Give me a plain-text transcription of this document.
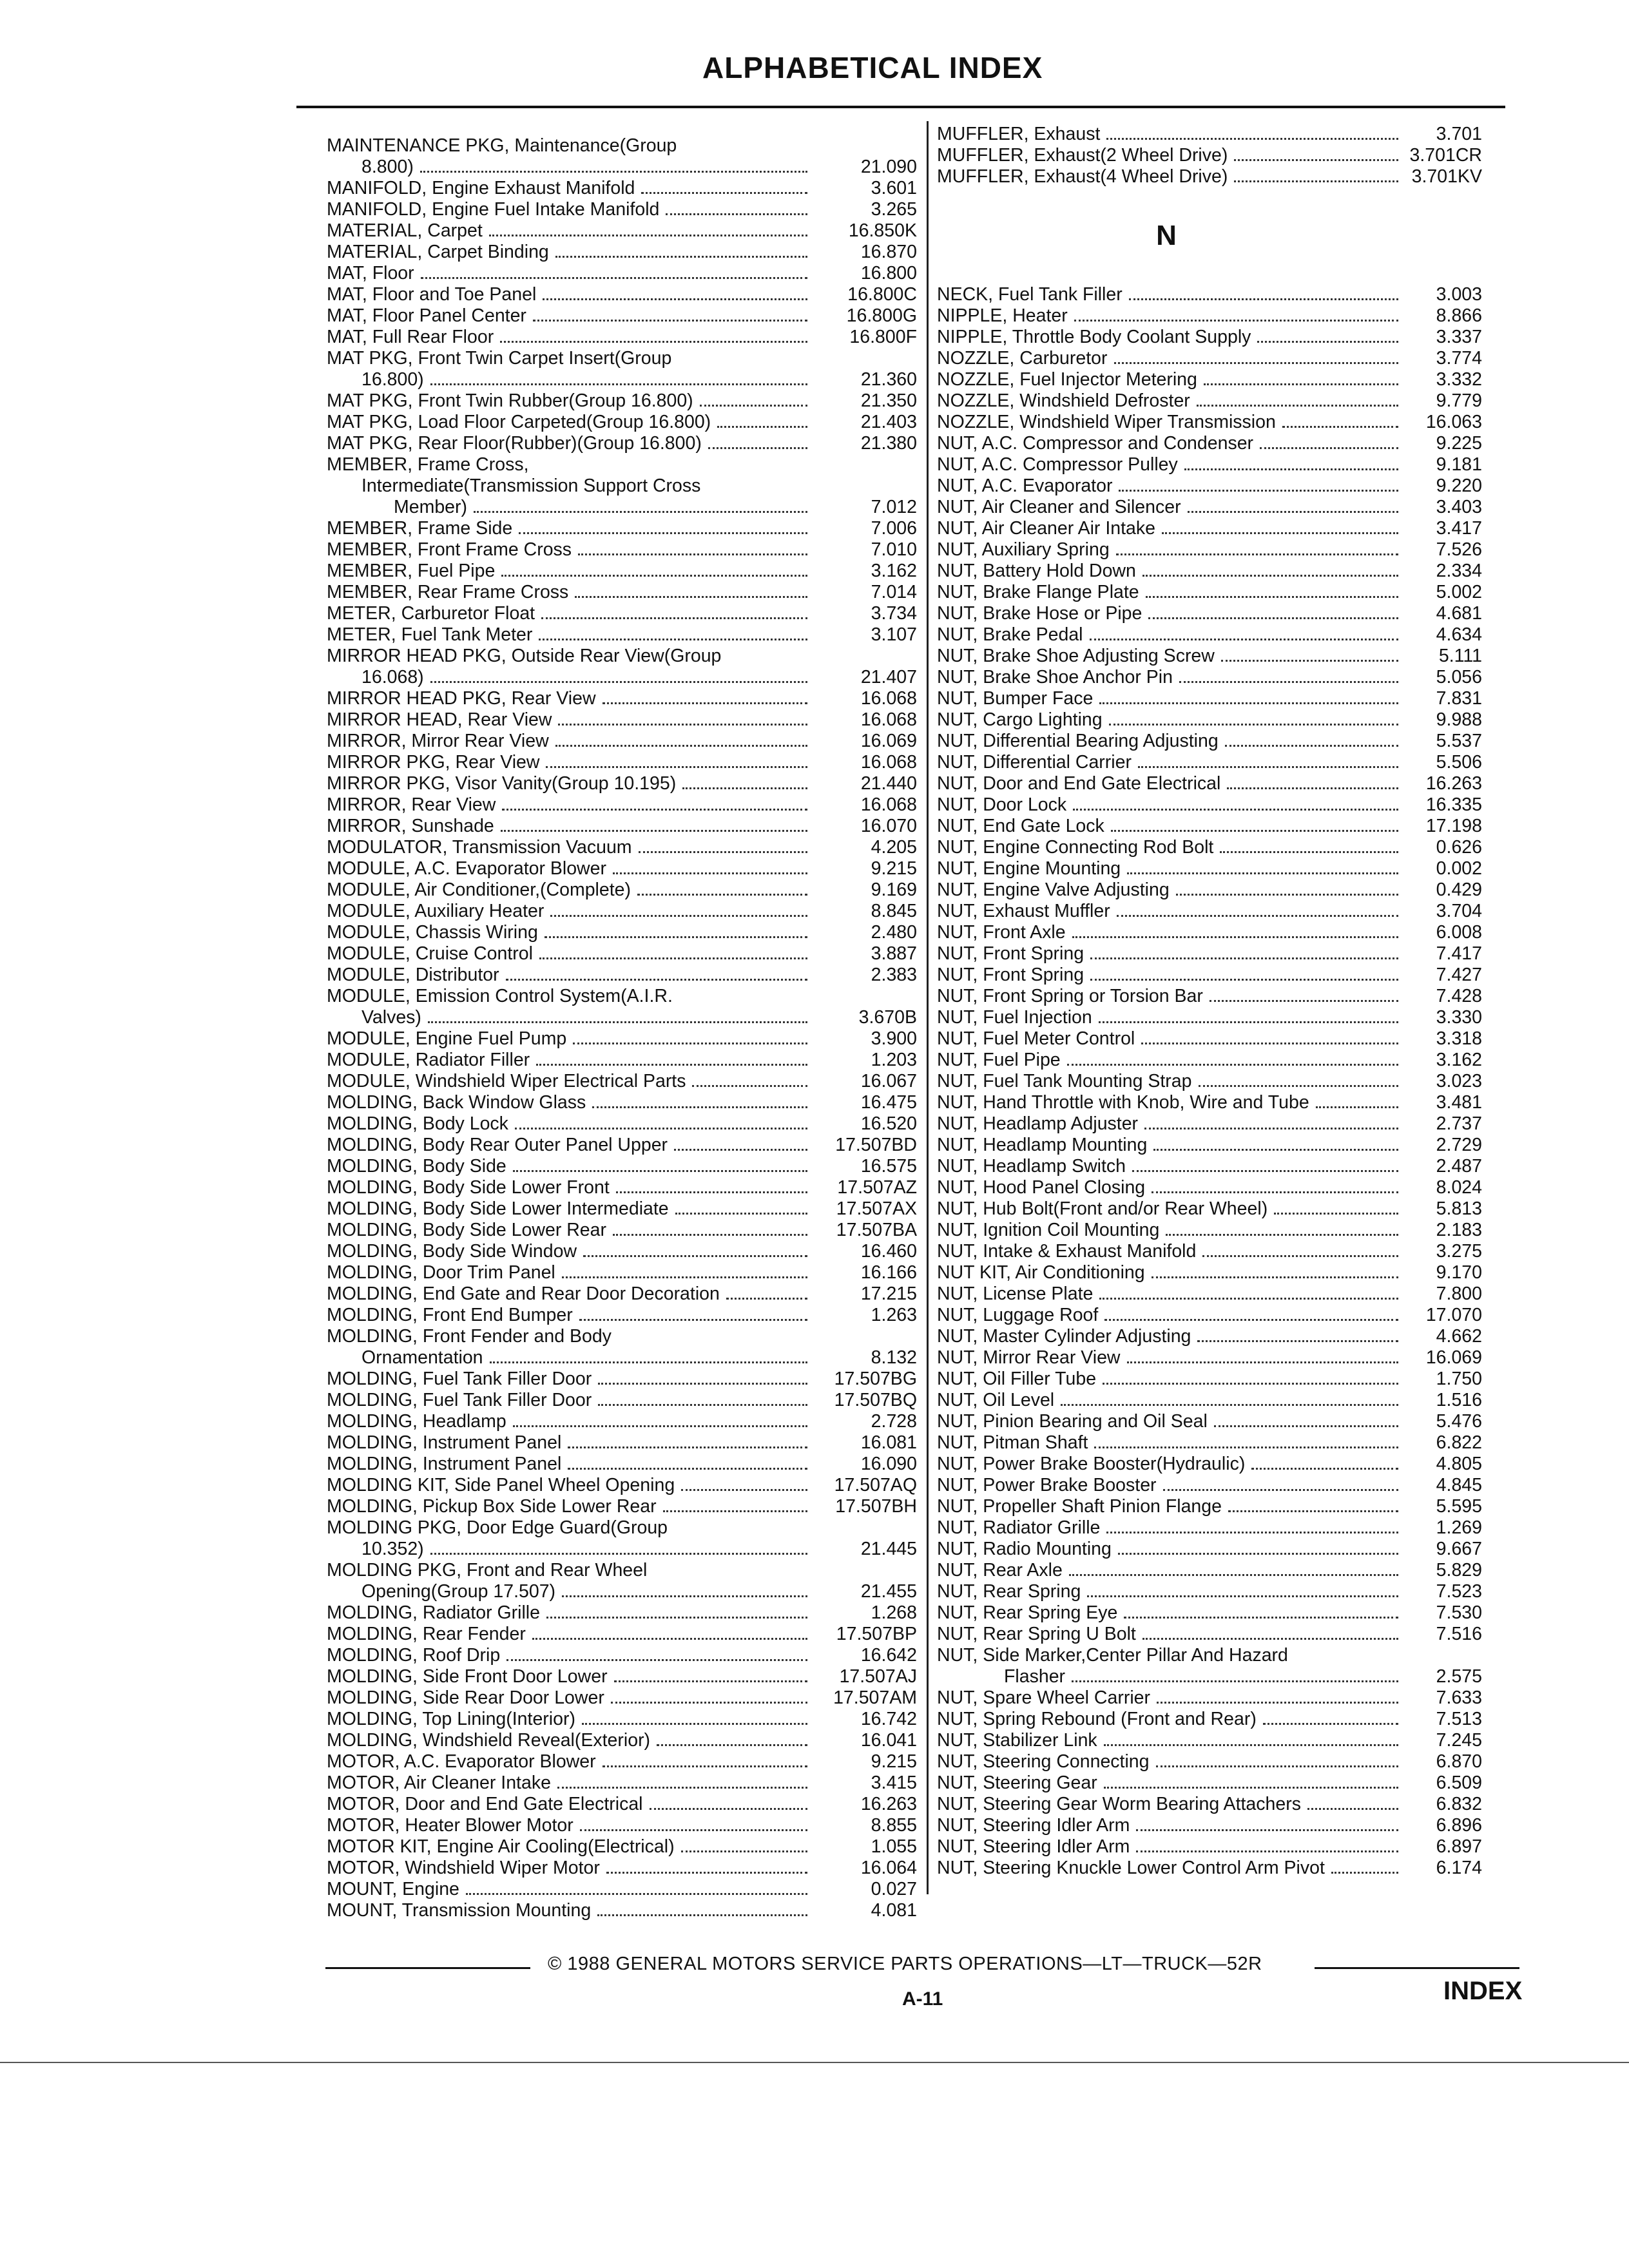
ALPHABETICAL INDEX
MAINTENANCE PKG, Maintenance(Group
8.800)	21.090
MANIFOLD, Engine Exhaust Manifold	3.601
MANIFOLD, Engine Fuel Intake Manifold	3.265
MATERIAL, Carpet	16.850K
MATERIAL, Carpet Binding	16.870
MAT, Floor	16.800
MAT, Floor and Toe Panel	16.800C
MAT, Floor Panel Center	16.800G
MAT, Full Rear Floor	16.800F
MAT PKG, Front Twin Carpet Insert(Group
16.800)	21.360
MAT PKG, Front Twin Rubber(Group 16.800)	21.350
MAT PKG, Load Floor Carpeted(Group 16.800)	21.403
MAT PKG, Rear Floor(Rubber)(Group 16.800)	21.380
MEMBER, Frame Cross,
Intermediate(Transmission Support Cross
Member)	7.012
MEMBER, Frame Side	7.006
MEMBER, Front Frame Cross	7.010
MEMBER, Fuel Pipe	3.162
MEMBER, Rear Frame Cross	7.014
METER, Carburetor Float	3.734
METER, Fuel Tank Meter	3.107
MIRROR HEAD PKG, Outside Rear View(Group
16.068)	21.407
MIRROR HEAD PKG, Rear View	16.068
MIRROR HEAD, Rear View	16.068
MIRROR, Mirror Rear View	16.069
MIRROR PKG, Rear View	16.068
MIRROR PKG, Visor Vanity(Group 10.195)	21.440
MIRROR, Rear View	16.068
MIRROR, Sunshade	16.070
MODULATOR, Transmission Vacuum	4.205
MODULE, A.C. Evaporator Blower	9.215
MODULE, Air Conditioner,(Complete)	9.169
MODULE, Auxiliary Heater	8.845
MODULE, Chassis Wiring	2.480
MODULE, Cruise Control	3.887
MODULE, Distributor	2.383
MODULE, Emission Control System(A.I.R.
Valves)	3.670B
MODULE, Engine Fuel Pump	3.900
MODULE, Radiator Filler	1.203
MODULE, Windshield Wiper Electrical Parts	16.067
MOLDING, Back Window Glass	16.475
MOLDING, Body Lock	16.520
MOLDING, Body Rear Outer Panel Upper	17.507BD
MOLDING, Body Side	16.575
MOLDING, Body Side Lower Front	17.507AZ
MOLDING, Body Side Lower Intermediate	17.507AX
MOLDING, Body Side Lower Rear	17.507BA
MOLDING, Body Side Window	16.460
MOLDING, Door Trim Panel	16.166
MOLDING, End Gate and Rear Door Decoration	17.215
MOLDING, Front End Bumper	1.263
MOLDING, Front Fender and Body
Ornamentation	8.132
MOLDING, Fuel Tank Filler Door	17.507BG
MOLDING, Fuel Tank Filler Door	17.507BQ
MOLDING, Headlamp	2.728
MOLDING, Instrument Panel	16.081
MOLDING, Instrument Panel	16.090
MOLDING KIT, Side Panel Wheel Opening	17.507AQ
MOLDING, Pickup Box Side Lower Rear	17.507BH
MOLDING PKG, Door Edge Guard(Group
10.352)	21.445
MOLDING PKG, Front and Rear Wheel
Opening(Group 17.507)	21.455
MOLDING, Radiator Grille	1.268
MOLDING, Rear Fender	17.507BP
MOLDING, Roof Drip	16.642
MOLDING, Side Front Door Lower	17.507AJ
MOLDING, Side Rear Door Lower	17.507AM
MOLDING, Top Lining(Interior)	16.742
MOLDING, Windshield Reveal(Exterior)	16.041
MOTOR, A.C. Evaporator Blower	9.215
MOTOR, Air Cleaner Intake	3.415
MOTOR, Door and End Gate Electrical	16.263
MOTOR, Heater Blower Motor	8.855
MOTOR KIT, Engine Air Cooling(Electrical)	1.055
MOTOR, Windshield Wiper Motor	16.064
MOUNT, Engine	0.027
MOUNT, Transmission Mounting	4.081
MUFFLER, Exhaust	3.701
MUFFLER, Exhaust(2 Wheel Drive)	3.701CR
MUFFLER, Exhaust(4 Wheel Drive)	3.701KV
N
NECK, Fuel Tank Filler	3.003
NIPPLE, Heater	8.866
NIPPLE, Throttle Body Coolant Supply	3.337
NOZZLE, Carburetor	3.774
NOZZLE, Fuel Injector Metering	3.332
NOZZLE, Windshield Defroster	9.779
NOZZLE, Windshield Wiper Transmission	16.063
NUT, A.C. Compressor and Condenser	9.225
NUT, A.C. Compressor Pulley	9.181
NUT, A.C. Evaporator	9.220
NUT, Air Cleaner and Silencer	3.403
NUT, Air Cleaner Air Intake	3.417
NUT, Auxiliary Spring	7.526
NUT, Battery Hold Down	2.334
NUT, Brake Flange Plate	5.002
NUT, Brake Hose or Pipe	4.681
NUT, Brake Pedal	4.634
NUT, Brake Shoe Adjusting Screw	5.111
NUT, Brake Shoe Anchor Pin	5.056
NUT, Bumper Face	7.831
NUT, Cargo Lighting	9.988
NUT, Differential Bearing Adjusting	5.537
NUT, Differential Carrier	5.506
NUT, Door and End Gate Electrical	16.263
NUT, Door Lock	16.335
NUT, End Gate Lock	17.198
NUT, Engine Connecting Rod Bolt	0.626
NUT, Engine Mounting	0.002
NUT, Engine Valve Adjusting	0.429
NUT, Exhaust Muffler	3.704
NUT, Front Axle	6.008
NUT, Front Spring	7.417
NUT, Front Spring	7.427
NUT, Front Spring or Torsion Bar	7.428
NUT, Fuel Injection	3.330
NUT, Fuel Meter Control	3.318
NUT, Fuel Pipe	3.162
NUT, Fuel Tank Mounting Strap	3.023
NUT, Hand Throttle with Knob, Wire and Tube	3.481
NUT, Headlamp Adjuster	2.737
NUT, Headlamp Mounting	2.729
NUT, Headlamp Switch	2.487
NUT, Hood Panel Closing	8.024
NUT, Hub Bolt(Front and/or Rear Wheel)	5.813
NUT, Ignition Coil Mounting	2.183
NUT, Intake & Exhaust Manifold	3.275
NUT KIT, Air Conditioning	9.170
NUT, License Plate	7.800
NUT, Luggage Roof	17.070
NUT, Master Cylinder Adjusting	4.662
NUT, Mirror Rear View	16.069
NUT, Oil Filler Tube	1.750
NUT, Oil Level	1.516
NUT, Pinion Bearing and Oil Seal	5.476
NUT, Pitman Shaft	6.822
NUT, Power Brake Booster(Hydraulic)	4.805
NUT, Power Brake Booster	4.845
NUT, Propeller Shaft Pinion Flange	5.595
NUT, Radiator Grille	1.269
NUT, Radio Mounting	9.667
NUT, Rear Axle	5.829
NUT, Rear Spring	7.523
NUT, Rear Spring Eye	7.530
NUT, Rear Spring U Bolt	7.516
NUT, Side Marker,Center Pillar And Hazard
Flasher	2.575
NUT, Spare Wheel Carrier	7.633
NUT, Spring Rebound (Front and Rear)	7.513
NUT, Stabilizer Link	7.245
NUT, Steering Connecting	6.870
NUT, Steering Gear	6.509
NUT, Steering Gear Worm Bearing Attachers	6.832
NUT, Steering Idler Arm	6.896
NUT, Steering Idler Arm	6.897
NUT, Steering Knuckle Lower Control Arm Pivot	6.174
© 1988 GENERAL MOTORS SERVICE PARTS OPERATIONS—LT—TRUCK—52R
A-11	INDEX
